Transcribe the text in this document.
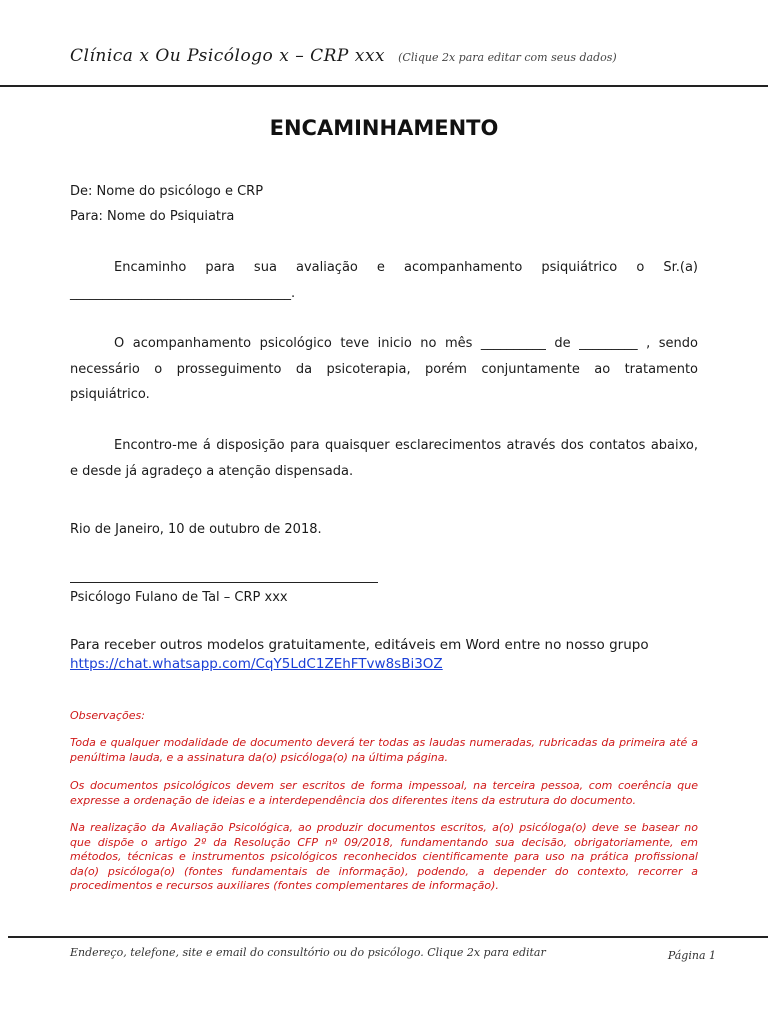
Clínica x Ou Psicólogo x – CRP xxx (Clique 2x para editar com seus dados)
ENCAMINHAMENTO
De: Nome do psicólogo e CRP
Para: Nome do Psiquiatra
Encaminho para sua avaliação e acompanhamento psiquiátrico o Sr.(a)
__________________________________.
O acompanhamento psicológico teve inicio no mês __________ de _________ , sendo necessário o prosseguimento da psicoterapia, porém conjuntamente ao tratamento psiquiátrico.
Encontro-me á disposição para quaisquer esclarecimentos através dos contatos abaixo, e desde já agradeço a atenção dispensada.
Rio de Janeiro, 10 de outubro de 2018.
Psicólogo Fulano de Tal – CRP xxx
Para receber outros modelos gratuitamente, editáveis em Word entre no nosso grupo
https://chat.whatsapp.com/CqY5LdC1ZEhFTvw8sBi3OZ
Observações:
Toda e qualquer modalidade de documento deverá ter todas as laudas numeradas, rubricadas da primeira até a penúltima lauda, e a assinatura da(o) psicóloga(o) na última página.
Os documentos psicológicos devem ser escritos de forma impessoal, na terceira pessoa, com coerência que expresse a ordenação de ideias e a interdependência dos diferentes itens da estrutura do documento.
Na realização da Avaliação Psicológica, ao produzir documentos escritos, a(o) psicóloga(o) deve se basear no que dispõe o artigo 2º da Resolução CFP nº 09/2018, fundamentando sua decisão, obrigatoriamente, em métodos, técnicas e instrumentos psicológicos reconhecidos cientificamente para uso na prática profissional da(o) psicóloga(o) (fontes fundamentais de informação), podendo, a depender do contexto, recorrer a procedimentos e recursos auxiliares (fontes complementares de informação).
Endereço, telefone, site e email do consultório ou do psicólogo. Clique 2x para editar	Página 1
